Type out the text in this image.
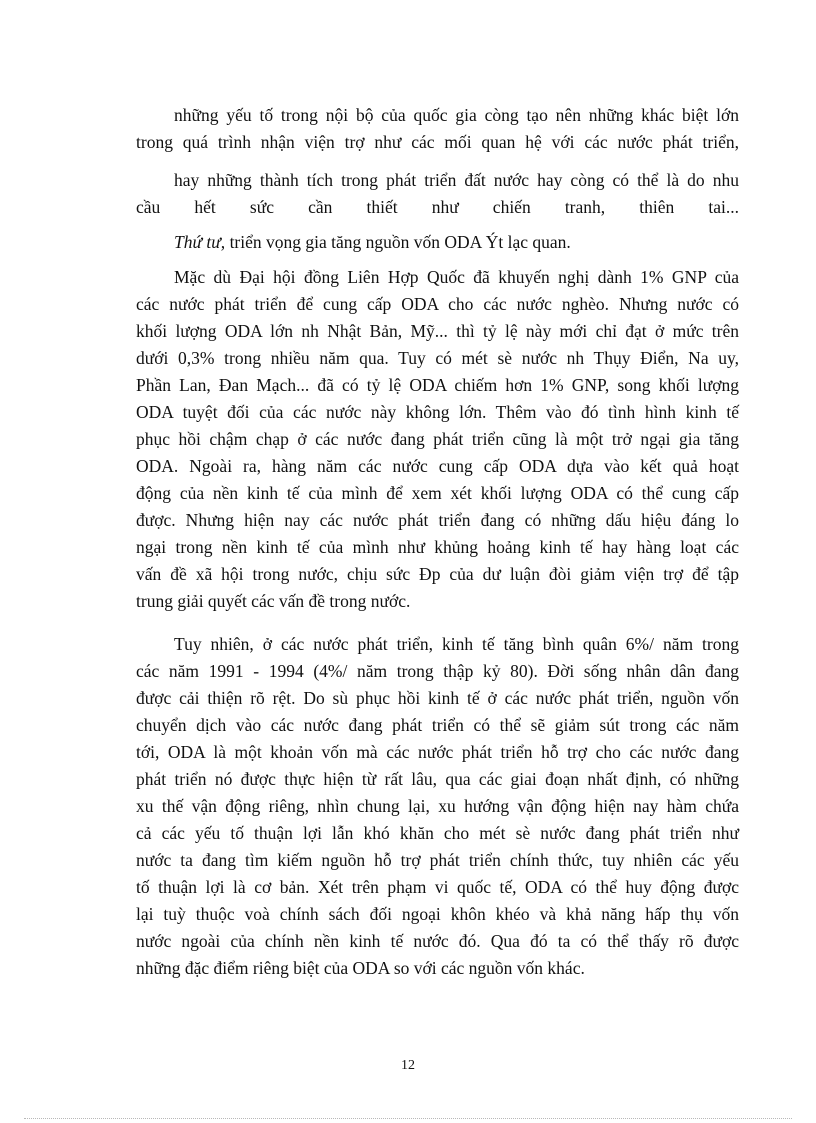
những yếu tố trong nội bộ của quốc gia còng tạo nên những khác biệt lớn
trong quá trình nhận viện trợ như các mối quan hệ với các nước phát triển,
hay những thành tích trong phát triển đất nước hay còng có thể là do nhu
cầu hết sức cần thiết như chiến tranh, thiên tai...
Thứ tư, triển vọng gia tăng nguồn vốn ODA Ýt lạc quan.
Mặc dù Đại hội đồng Liên Hợp Quốc đã khuyến nghị dành 1% GNP của
các nước phát triển để cung cấp ODA cho các nước nghèo. Nhưng nước có
khối lượng ODA lớn nh Nhật Bản, Mỹ... thì tỷ lệ này mới chỉ đạt ở mức trên
dưới 0,3% trong nhiều năm qua. Tuy có mét sè nước nh Thụy Điển, Na uy,
Phần Lan, Đan Mạch... đã có tỷ lệ ODA chiếm hơn 1% GNP, song khối lượng
ODA tuyệt đối của các nước này không lớn. Thêm vào đó tình hình kinh tế
phục hồi chậm chạp ở các nước đang phát triển cũng là một trở ngại gia tăng
ODA. Ngoài ra, hàng năm các nước cung cấp ODA dựa vào kết quả hoạt
động của nền kinh tế của mình để xem xét khối lượng ODA có thể cung cấp
được. Nhưng hiện nay các nước phát triển đang có những dấu hiệu đáng lo
ngại trong nền kinh tế của mình như khủng hoảng kinh tế hay hàng loạt các
vấn đề xã hội trong nước, chịu sức Ðp của dư luận đòi giảm viện trợ để tập
trung giải quyết các vấn đề trong nước.
Tuy nhiên, ở các nước phát triển, kinh tế tăng bình quân 6%/ năm trong
các năm 1991 - 1994 (4%/ năm trong thập kỷ 80). Đời sống nhân dân đang
được cải thiện rõ rệt. Do sù phục hồi kinh tế ở các nước phát triển, nguồn vốn
chuyển dịch vào các nước đang phát triển có thể sẽ giảm sút trong các năm
tới, ODA là một khoản vốn mà các nước phát triển hỗ trợ cho các nước đang
phát triển nó được thực hiện từ rất lâu, qua các giai đoạn nhất định, có những
xu thế vận động riêng, nhìn chung lại, xu hướng vận động hiện nay hàm chứa
cả các yếu tố thuận lợi lẫn khó khăn cho mét sè nước đang phát triển như
nước ta đang tìm kiếm nguồn hỗ trợ phát triển chính thức, tuy nhiên các yếu
tố thuận lợi là cơ bản. Xét trên phạm vi quốc tế, ODA có thể huy động được
lại tuỳ thuộc voà chính sách đối ngoại khôn khéo và khả năng hấp thụ vốn
nước ngoài của chính nền kinh tế nước đó. Qua đó ta có thể thấy rõ được
những đặc điểm riêng biệt của ODA so với các nguồn vốn khác.
12
